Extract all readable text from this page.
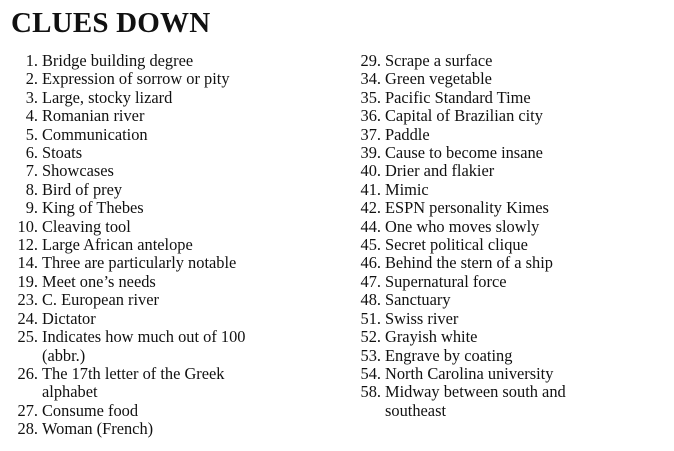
CLUES DOWN
1. Bridge building degree
2. Expression of sorrow or pity
3. Large, stocky lizard
4. Romanian river
5. Communication
6. Stoats
7. Showcases
8. Bird of prey
9. King of Thebes
10. Cleaving tool
12. Large African antelope
14. Three are particularly notable
19. Meet one’s needs
23. C. European river
24. Dictator
25. Indicates how much out of 100
(abbr.)
26. The 17th letter of the Greek
alphabet
27. Consume food
28. Woman (French)
29. Scrape a surface
34. Green vegetable
35. Pacific Standard Time
36. Capital of Brazilian city
37. Paddle
39. Cause to become insane
40. Drier and flakier
41. Mimic
42. ESPN personality Kimes
44. One who moves slowly
45. Secret political clique
46. Behind the stern of a ship
47. Supernatural force
48. Sanctuary
51. Swiss river
52. Grayish white
53. Engrave by coating
54. North Carolina university
58. Midway between south and
southeast
